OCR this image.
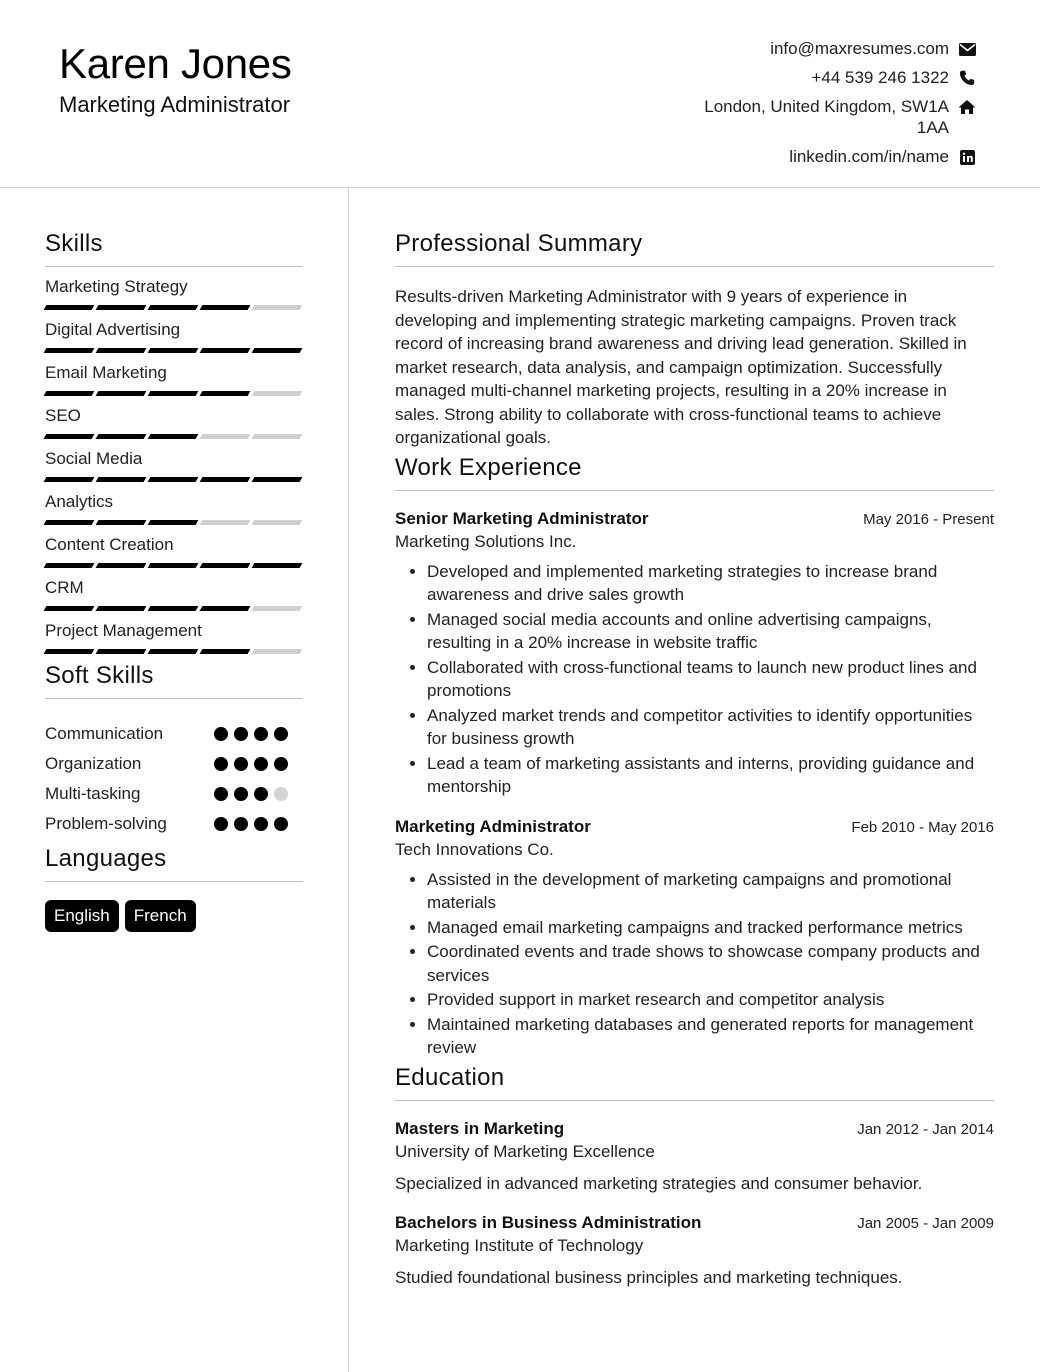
Karen Jones
Marketing Administrator
info@maxresumes.com
+44 539 246 1322
London, United Kingdom, SW1A 1AA
linkedin.com/in/name
Skills
Marketing Strategy
Digital Advertising
Email Marketing
SEO
Social Media
Analytics
Content Creation
CRM
Project Management
Soft Skills
Communication
Organization
Multi-tasking
Problem-solving
Languages
English	French
Professional Summary
Results-driven Marketing Administrator with 9 years of experience in developing and implementing strategic marketing campaigns. Proven track record of increasing brand awareness and driving lead generation. Skilled in market research, data analysis, and campaign optimization. Successfully managed multi-channel marketing projects, resulting in a 20% increase in sales. Strong ability to collaborate with cross-functional teams to achieve organizational goals.
Work Experience
Senior Marketing Administrator	May 2016 - Present
Marketing Solutions Inc.
• Developed and implemented marketing strategies to increase brand awareness and drive sales growth
• Managed social media accounts and online advertising campaigns, resulting in a 20% increase in website traffic
• Collaborated with cross-functional teams to launch new product lines and promotions
• Analyzed market trends and competitor activities to identify opportunities for business growth
• Lead a team of marketing assistants and interns, providing guidance and mentorship
Marketing Administrator	Feb 2010 - May 2016
Tech Innovations Co.
• Assisted in the development of marketing campaigns and promotional materials
• Managed email marketing campaigns and tracked performance metrics
• Coordinated events and trade shows to showcase company products and services
• Provided support in market research and competitor analysis
• Maintained marketing databases and generated reports for management review
Education
Masters in Marketing	Jan 2012 - Jan 2014
University of Marketing Excellence
Specialized in advanced marketing strategies and consumer behavior.
Bachelors in Business Administration	Jan 2005 - Jan 2009
Marketing Institute of Technology
Studied foundational business principles and marketing techniques.
